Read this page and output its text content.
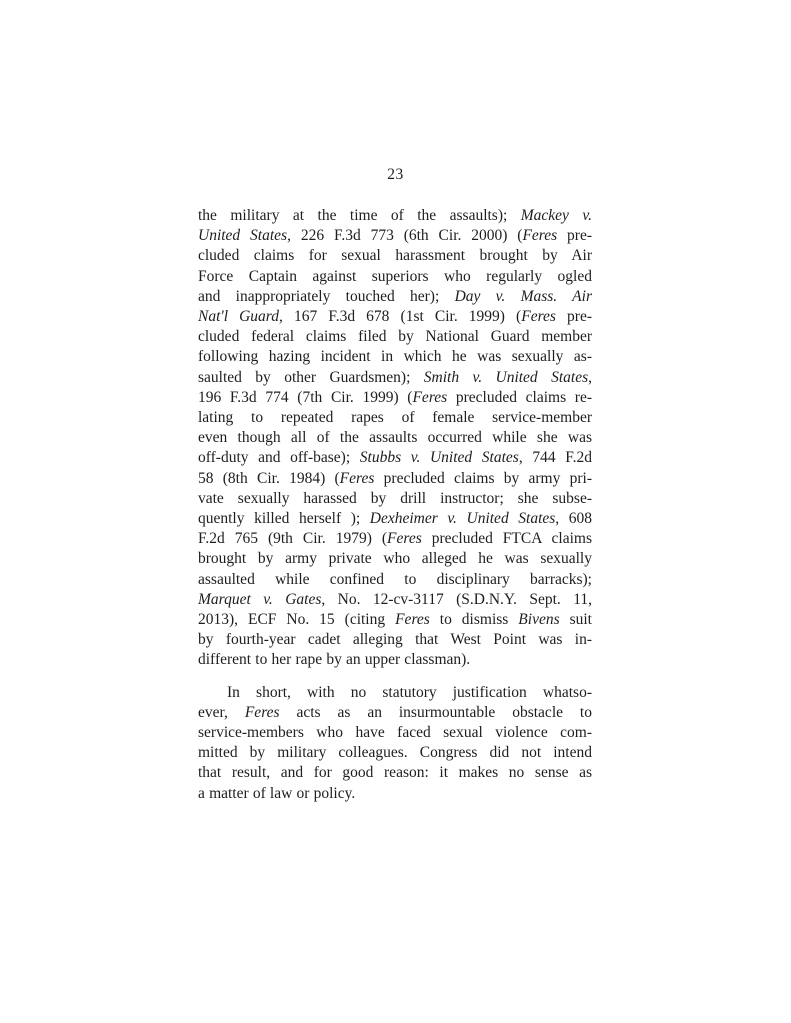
23
the military at the time of the assaults); Mackey v.
United States, 226 F.3d 773 (6th Cir. 2000) (Feres pre-
cluded claims for sexual harassment brought by Air
Force Captain against superiors who regularly ogled
and inappropriately touched her); Day v. Mass. Air
Nat'l Guard, 167 F.3d 678 (1st Cir. 1999) (Feres pre-
cluded federal claims filed by National Guard member
following hazing incident in which he was sexually as-
saulted by other Guardsmen); Smith v. United States,
196 F.3d 774 (7th Cir. 1999) (Feres precluded claims re-
lating to repeated rapes of female service-member
even though all of the assaults occurred while she was
off-duty and off-base); Stubbs v. United States, 744 F.2d
58 (8th Cir. 1984) (Feres precluded claims by army pri-
vate sexually harassed by drill instructor; she subse-
quently killed herself ); Dexheimer v. United States, 608
F.2d 765 (9th Cir. 1979) (Feres precluded FTCA claims
brought by army private who alleged he was sexually
assaulted while confined to disciplinary barracks);
Marquet v. Gates, No. 12-cv-3117 (S.D.N.Y. Sept. 11,
2013), ECF No. 15 (citing Feres to dismiss Bivens suit
by fourth-year cadet alleging that West Point was in-
different to her rape by an upper classman).
In short, with no statutory justification whatso-
ever, Feres acts as an insurmountable obstacle to
service-members who have faced sexual violence com-
mitted by military colleagues. Congress did not intend
that result, and for good reason: it makes no sense as
a matter of law or policy.
